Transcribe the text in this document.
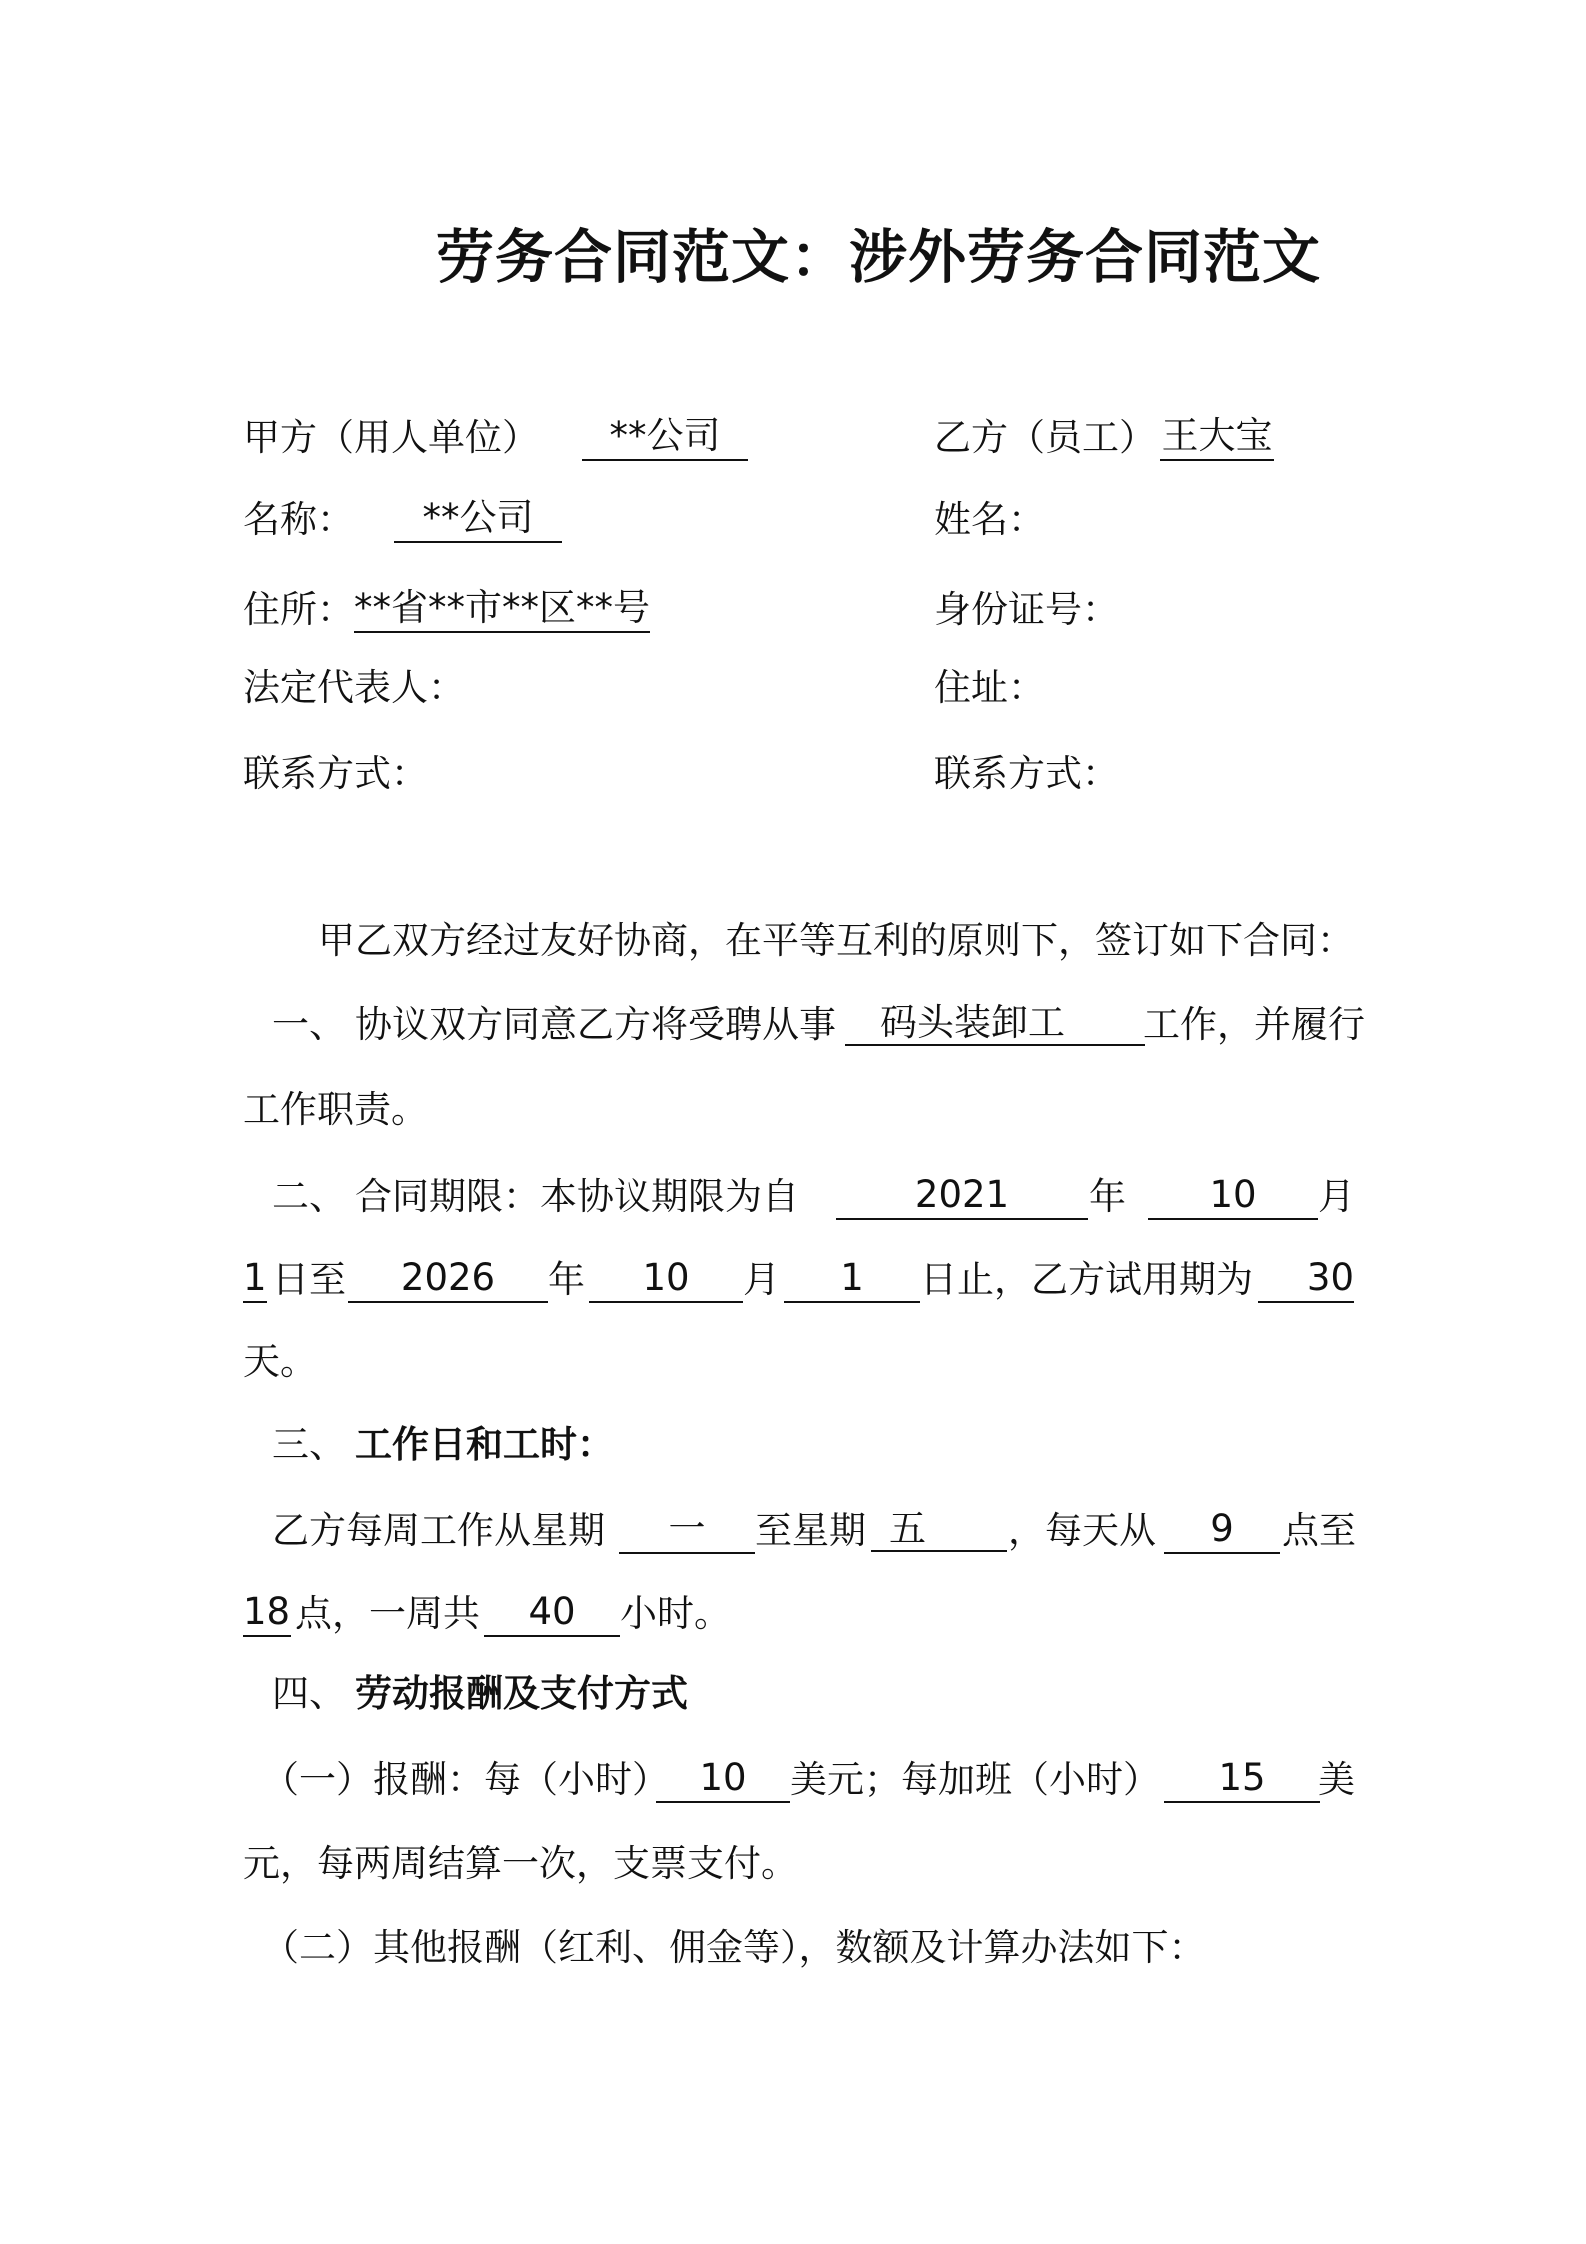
劳务合同范文：涉外劳务合同范文
甲方（用人单位）	**公司	乙方（员工） 王大宝
名称：	**公司	姓名：
住所： **省**市**区**号	身份证号：
法定代表人：	住址：
联系方式：	联系方式：
甲乙双方经过友好协商，在平等互利的原则下，签订如下合同：
一、 协议双方同意乙方将受聘从事	码头装卸工	工作，并履行
工作职责。
二、 合同期限：本协议期限为自	2021	年	10	月
1 日至	2026	年	10	月	1	日止，乙方试用期为	30
天。
三、 工作日和工时：
乙方每周工作从星期	一	至星期 五	，每天从	9	点至
18 点，一周共	40	小时。
四、 劳动报酬及支付方式
（一）报酬：每（小时） 10	美元；每加班（小时）	15	美
元，每两周结算一次，支票支付。
（二）其他报酬（红利、佣金等），数额及计算办法如下：
